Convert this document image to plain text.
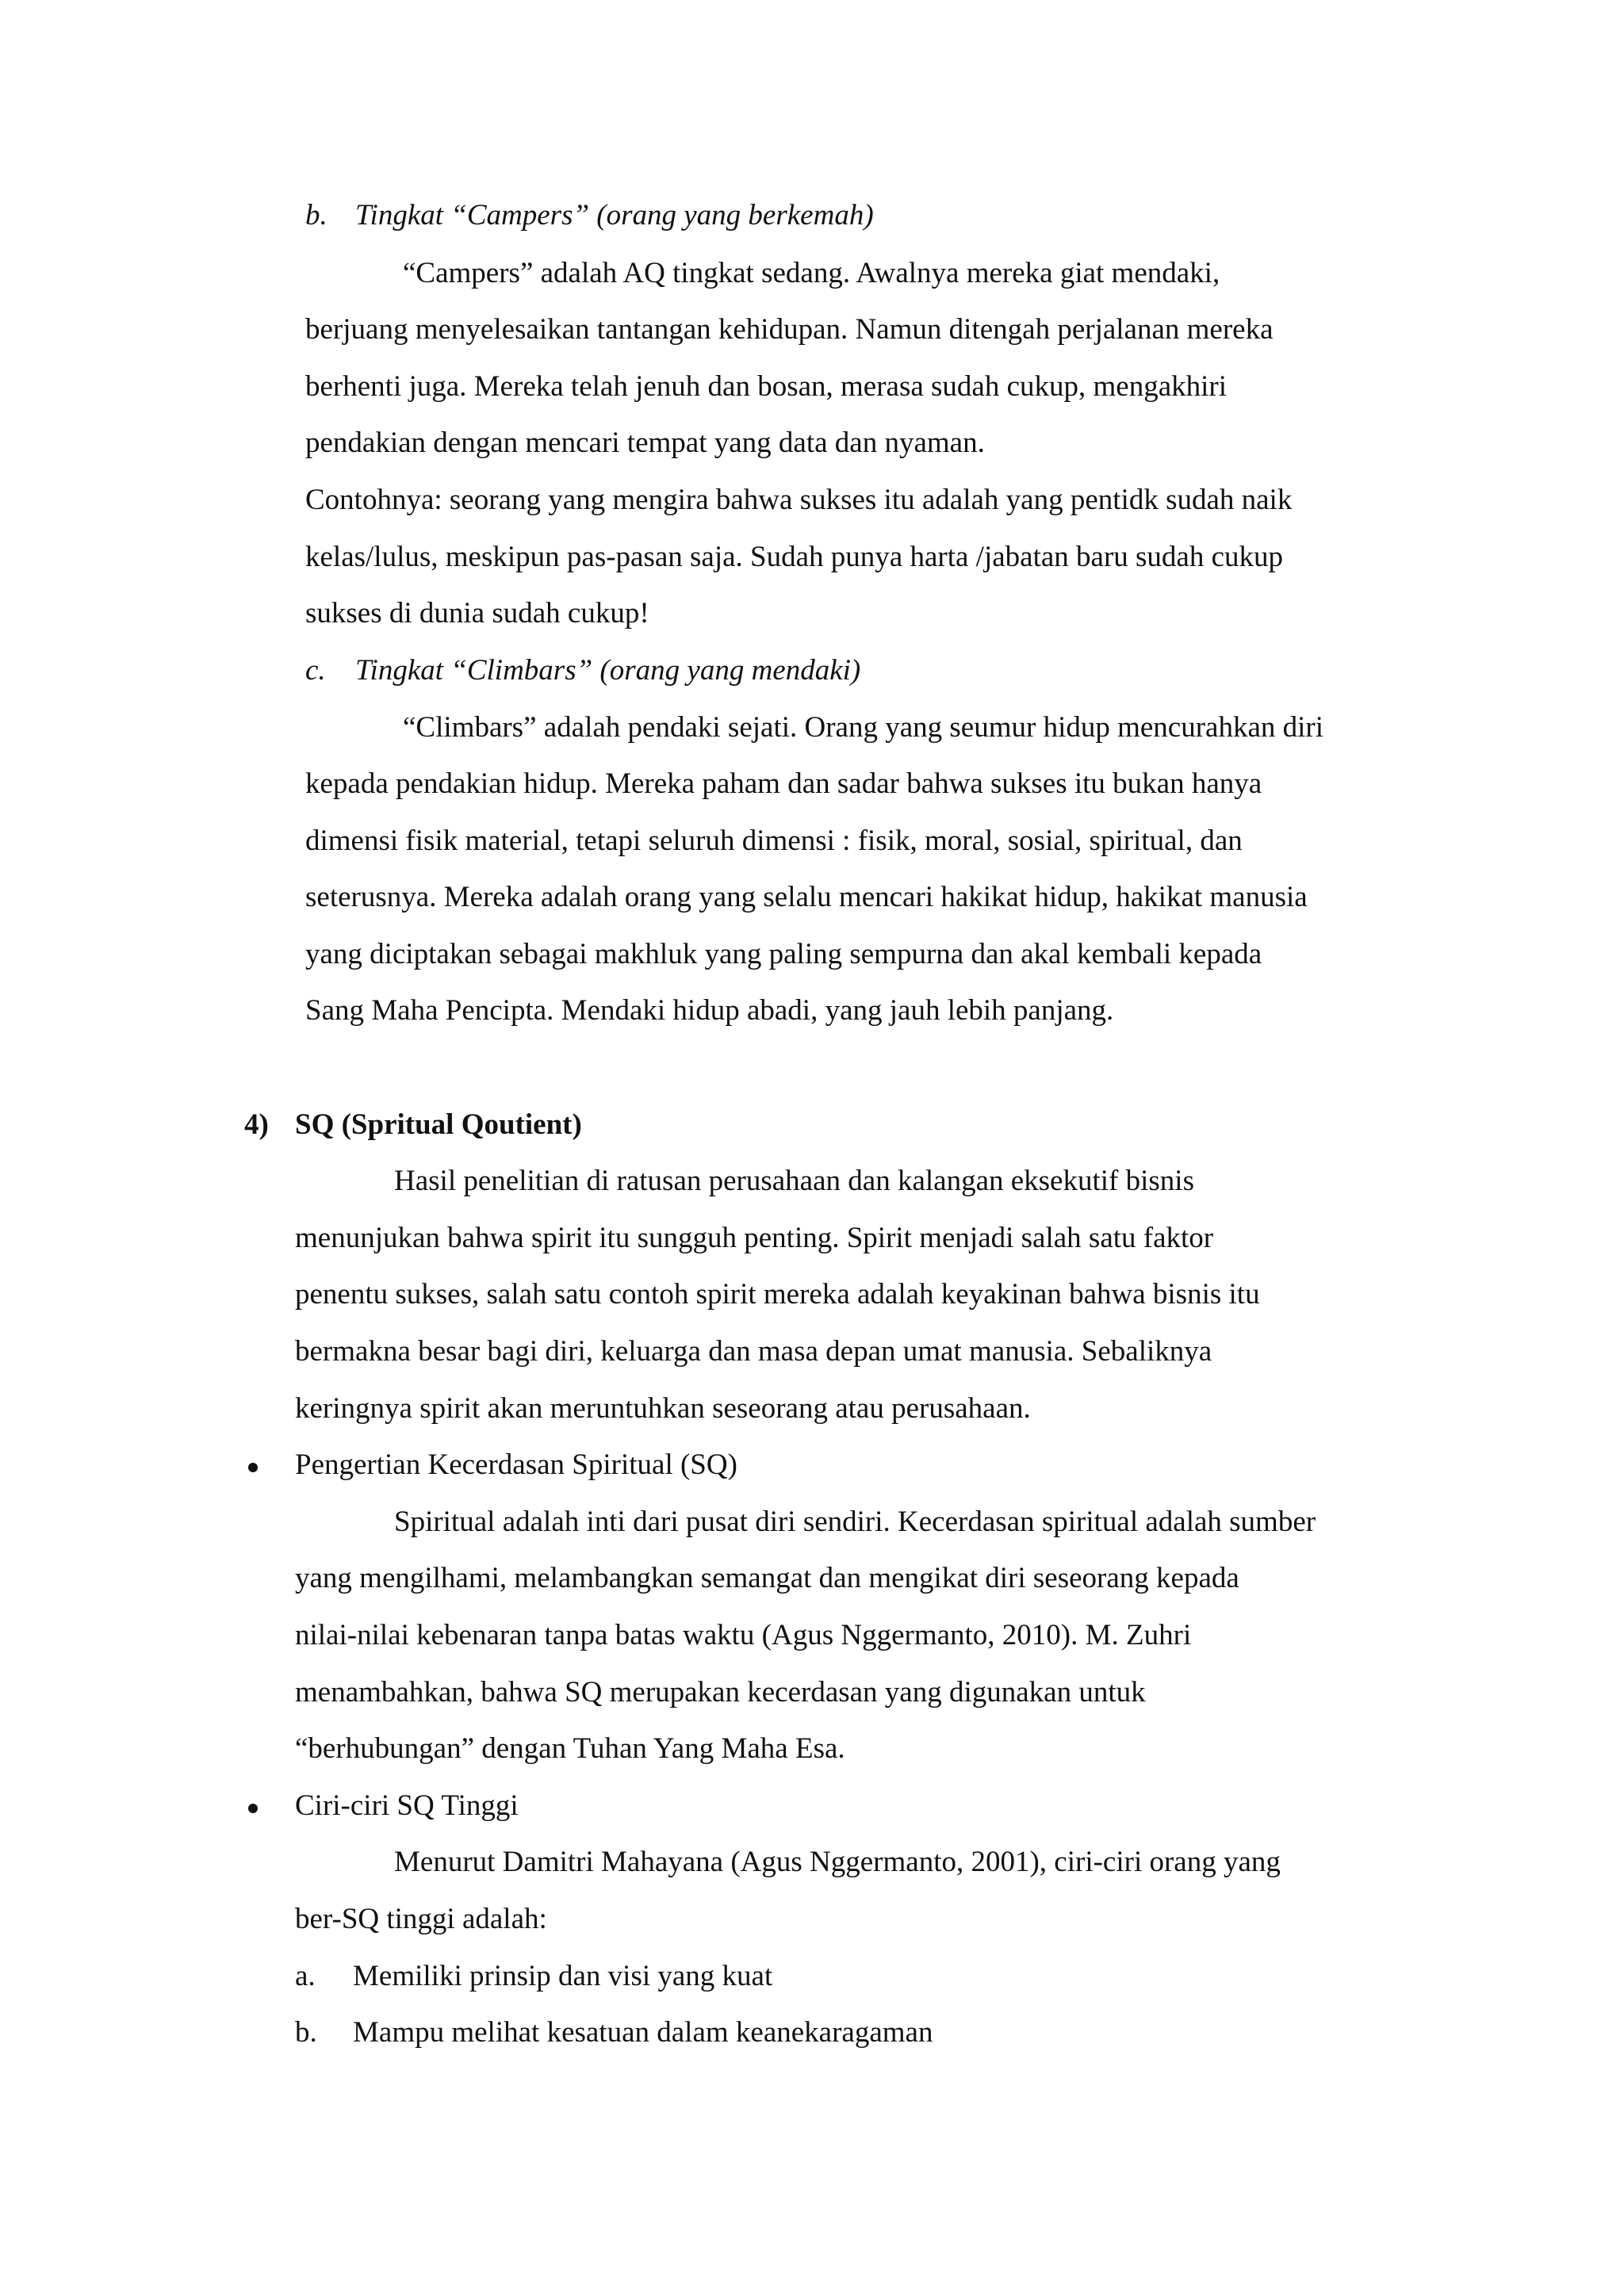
b. Tingkat “Campers” (orang yang berkemah)
“Campers” adalah AQ tingkat sedang. Awalnya mereka giat mendaki,
berjuang menyelesaikan tantangan kehidupan. Namun ditengah perjalanan mereka
berhenti juga. Mereka telah jenuh dan bosan, merasa sudah cukup, mengakhiri
pendakian dengan mencari tempat yang data dan nyaman.
Contohnya: seorang yang mengira bahwa sukses itu adalah yang pentidk sudah naik
kelas/lulus, meskipun pas-pasan saja. Sudah punya harta /jabatan baru sudah cukup
sukses di dunia sudah cukup!
c. Tingkat “Climbars” (orang yang mendaki)
“Climbars” adalah pendaki sejati. Orang yang seumur hidup mencurahkan diri
kepada pendakian hidup. Mereka paham dan sadar bahwa sukses itu bukan hanya
dimensi fisik material, tetapi seluruh dimensi : fisik, moral, sosial, spiritual, dan
seterusnya. Mereka adalah orang yang selalu mencari hakikat hidup, hakikat manusia
yang diciptakan sebagai makhluk yang paling sempurna dan akal kembali kepada
Sang Maha Pencipta. Mendaki hidup abadi, yang jauh lebih panjang.
4) SQ (Spritual Qoutient)
Hasil penelitian di ratusan perusahaan dan kalangan eksekutif bisnis
menunjukan bahwa spirit itu sungguh penting. Spirit menjadi salah satu faktor
penentu sukses, salah satu contoh spirit mereka adalah keyakinan bahwa bisnis itu
bermakna besar bagi diri, keluarga dan masa depan umat manusia. Sebaliknya
keringnya spirit akan meruntuhkan seseorang atau perusahaan.
Pengertian Kecerdasan Spiritual (SQ)
Spiritual adalah inti dari pusat diri sendiri. Kecerdasan spiritual adalah sumber
yang mengilhami, melambangkan semangat dan mengikat diri seseorang kepada
nilai-nilai kebenaran tanpa batas waktu (Agus Nggermanto, 2010). M. Zuhri
menambahkan, bahwa SQ merupakan kecerdasan yang digunakan untuk
“berhubungan” dengan Tuhan Yang Maha Esa.
Ciri-ciri SQ Tinggi
Menurut Damitri Mahayana (Agus Nggermanto, 2001), ciri-ciri orang yang
ber-SQ tinggi adalah:
a. Memiliki prinsip dan visi yang kuat
b. Mampu melihat kesatuan dalam keanekaragaman
